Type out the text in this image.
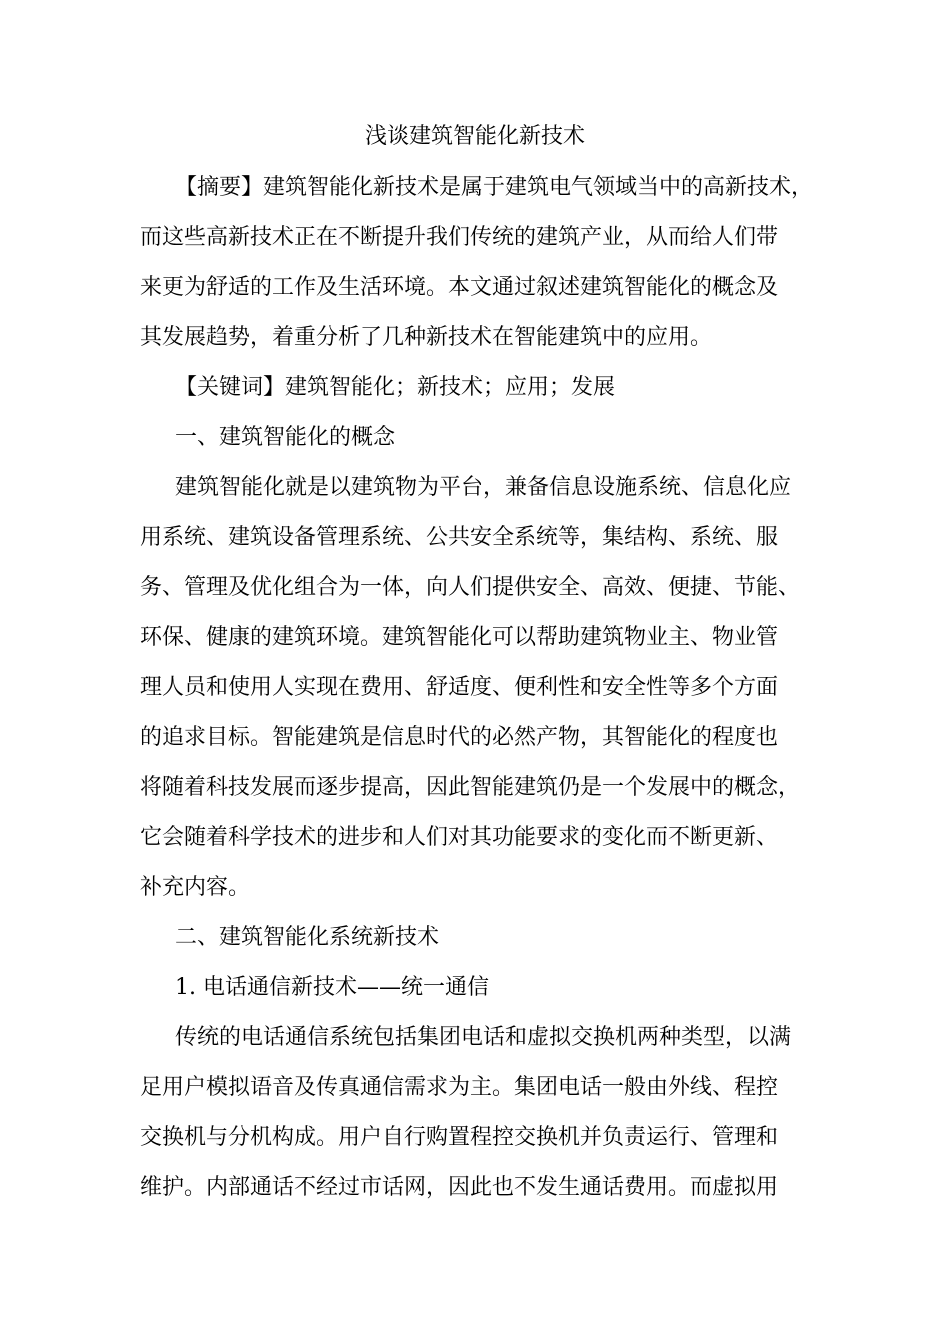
浅谈建筑智能化新技术
【摘要】建筑智能化新技术是属于建筑电气领域当中的高新技术，
而这些高新技术正在不断提升我们传统的建筑产业，从而给人们带
来更为舒适的工作及生活环境。本文通过叙述建筑智能化的概念及
其发展趋势，着重分析了几种新技术在智能建筑中的应用。
【关键词】建筑智能化；新技术；应用；发展
一、建筑智能化的概念
建筑智能化就是以建筑物为平台，兼备信息设施系统、信息化应
用系统、建筑设备管理系统、公共安全系统等，集结构、系统、服
务、管理及优化组合为一体，向人们提供安全、高效、便捷、节能、
环保、健康的建筑环境。建筑智能化可以帮助建筑物业主、物业管
理人员和使用人实现在费用、舒适度、便利性和安全性等多个方面
的追求目标。智能建筑是信息时代的必然产物，其智能化的程度也
将随着科技发展而逐步提高，因此智能建筑仍是一个发展中的概念，
它会随着科学技术的进步和人们对其功能要求的变化而不断更新、
补充内容。
二、建筑智能化系统新技术
1. 电话通信新技术——统一通信
传统的电话通信系统包括集团电话和虚拟交换机两种类型，以满
足用户模拟语音及传真通信需求为主。集团电话一般由外线、程控
交换机与分机构成。用户自行购置程控交换机并负责运行、管理和
维护。内部通话不经过市话网，因此也不发生通话费用。而虚拟用
